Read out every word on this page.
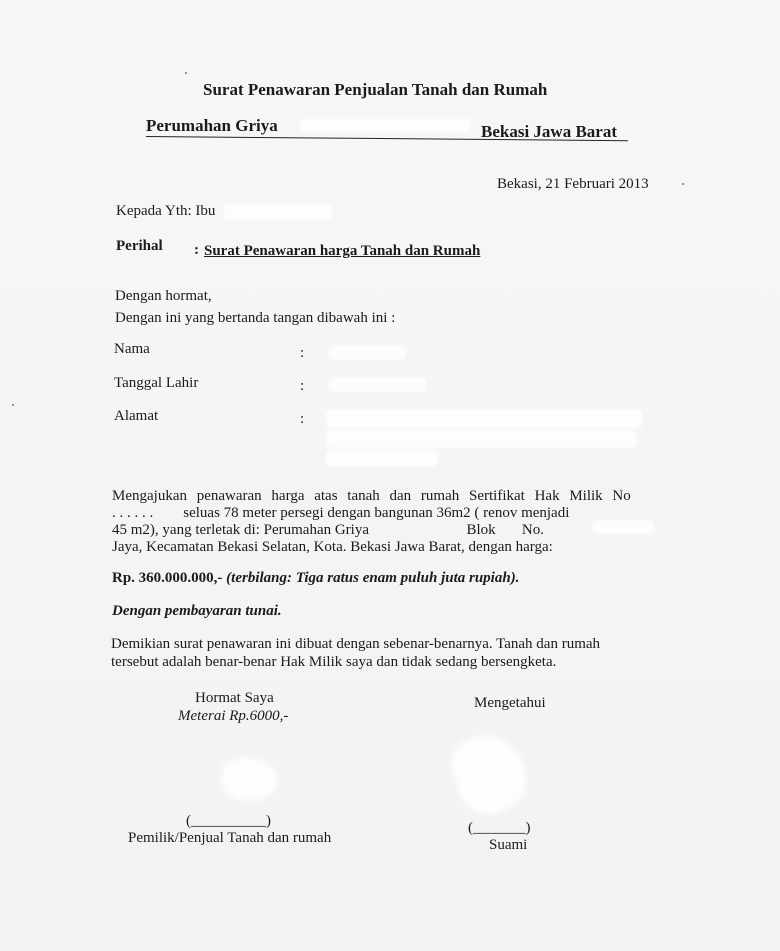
Surat Penawaran Penjualan Tanah dan Rumah
Perumahan Griya	Bekasi Jawa Barat
Bekasi, 21 Februari 2013
Kepada Yth: Ibu
Perihal : Surat Penawaran harga Tanah dan Rumah
Dengan hormat,
Dengan ini yang bertanda tangan dibawah ini :
Nama	:
Tanggal Lahir	:
Alamat	:
Mengajukan penawaran harga atas tanah dan rumah Sertifikat Hak Milik No
. . . . . .        seluas 78 meter persegi dengan bangunan 36m2 ( renov menjadi
45 m2), yang terletak di: Perumahan Griya                          Blok       No.
Jaya, Kecamatan Bekasi Selatan, Kota. Bekasi Jawa Barat, dengan harga:
Rp. 360.000.000,- (terbilang: Tiga ratus enam puluh juta rupiah).
Dengan pembayaran tunai.
Demikian surat penawaran ini dibuat dengan sebenar-benarnya. Tanah dan rumah
tersebut adalah benar-benar Hak Milik saya dan tidak sedang bersengketa.
Hormat Saya
Meterai Rp.6000,-
Mengetahui
(__________)
Pemilik/Penjual Tanah dan rumah
(_______)
Suami
